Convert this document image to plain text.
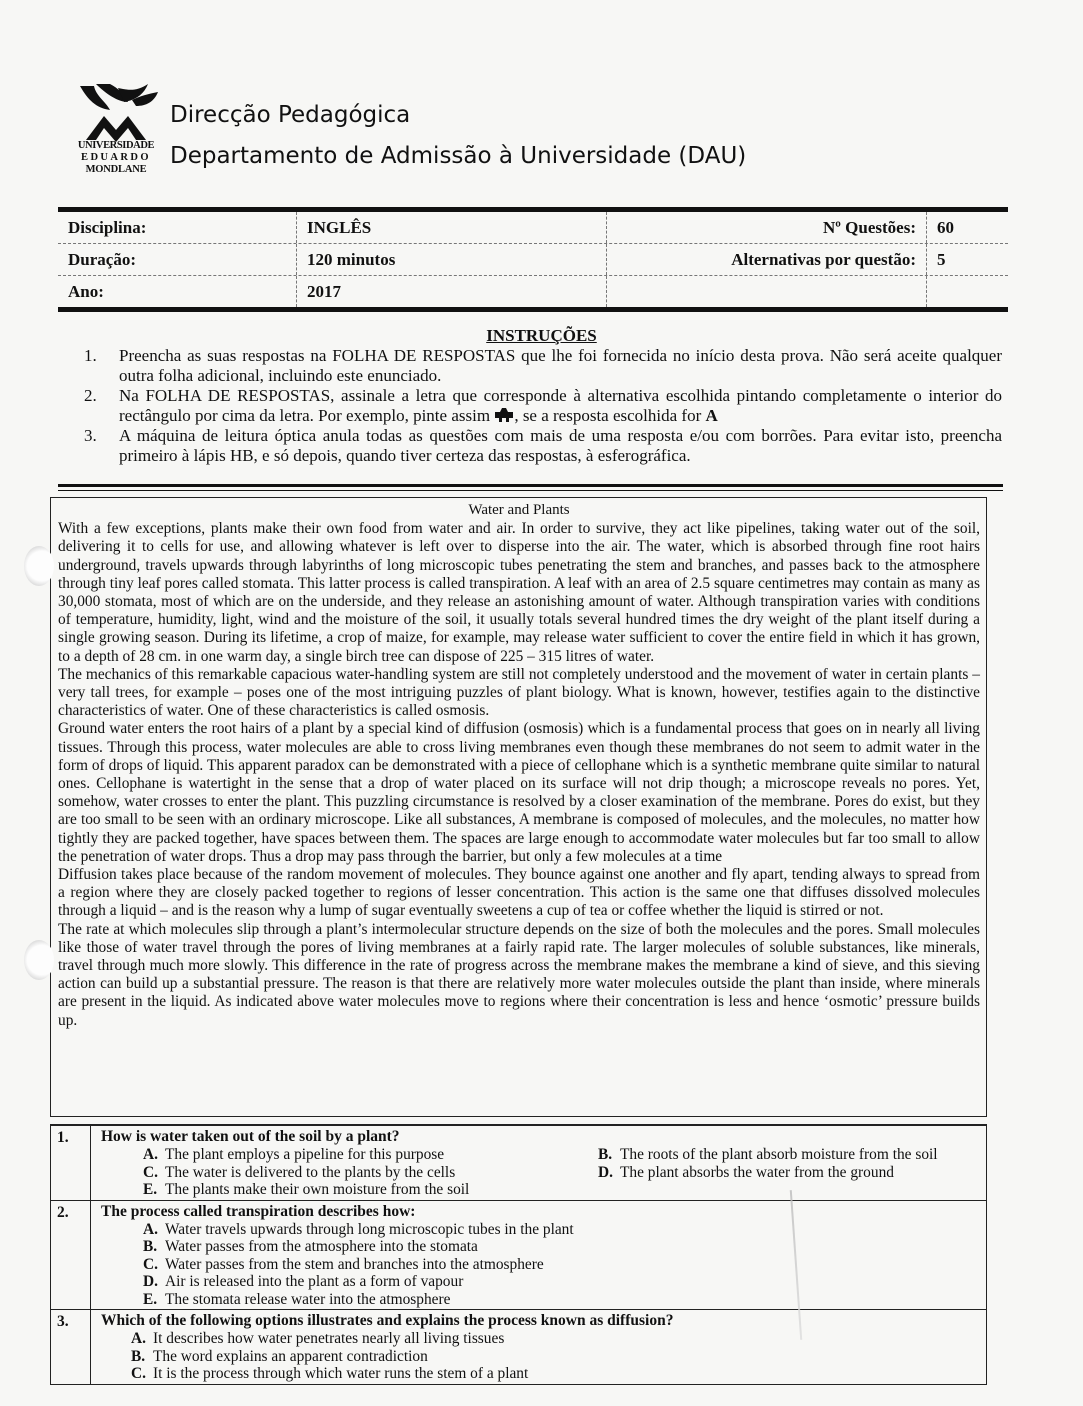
UNIVERSIDADE
EDUARDO
MONDLANE
Direcção Pedagógica
Departamento de Admissão à Universidade (DAU)
Disciplina:	INGLÊS	Nº Questões:	60
Duração:	120 minutos	Alternativas por questão:	5
Ano:	2017
INSTRUÇÕES
1.	Preencha as suas respostas na FOLHA DE RESPOSTAS que lhe foi fornecida no início desta prova. Não será aceite qualquer outra folha adicional, incluindo este enunciado.
2.	Na FOLHA DE RESPOSTAS, assinale a letra que corresponde à alternativa escolhida pintando completamente o interior do rectângulo por cima da letra. Por exemplo, pinte assim , se a resposta escolhida for A
3.	A máquina de leitura óptica anula todas as questões com mais de uma resposta e/ou com borrões. Para evitar isto, preencha primeiro à lápis HB, e só depois, quando tiver certeza das respostas, à esferográfica.
Water and Plants

With a few exceptions, plants make their own food from water and air. In order to survive, they act like pipelines, taking water out of the soil, delivering it to cells for use, and allowing whatever is left over to disperse into the air. The water, which is absorbed through fine root hairs underground, travels upwards through labyrinths of long microscopic tubes penetrating the stem and branches, and passes back to the atmosphere through tiny leaf pores called stomata. This latter process is called transpiration. A leaf with an area of 2.5 square centimetres may contain as many as 30,000 stomata, most of which are on the underside, and they release an astonishing amount of water. Although transpiration varies with conditions of temperature, humidity, light, wind and the moisture of the soil, it usually totals several hundred times the dry weight of the plant itself during a single growing season. During its lifetime, a crop of maize, for example, may release water sufficient to cover the entire field in which it has grown, to a depth of 28 cm. in one warm day, a single birch tree can dispose of 225 – 315 litres of water.

The mechanics of this remarkable capacious water-handling system are still not completely understood and the movement of water in certain plants – very tall trees, for example – poses one of the most intriguing puzzles of plant biology. What is known, however, testifies again to the distinctive characteristics of water. One of these characteristics is called osmosis.

Ground water enters the root hairs of a plant by a special kind of diffusion (osmosis) which is a fundamental process that goes on in nearly all living tissues. Through this process, water molecules are able to cross living membranes even though these membranes do not seem to admit water in the form of drops of liquid. This apparent paradox can be demonstrated with a piece of cellophane which is a synthetic membrane quite similar to natural ones. Cellophane is watertight in the sense that a drop of water placed on its surface will not drip though; a microscope reveals no pores. Yet, somehow, water crosses to enter the plant. This puzzling circumstance is resolved by a closer examination of the membrane. Pores do exist, but they are too small to be seen with an ordinary microscope. Like all substances, A membrane is composed of molecules, and the molecules, no matter how tightly they are packed together, have spaces between them. The spaces are large enough to accommodate water molecules but far too small to allow the penetration of water drops. Thus a drop may pass through the barrier, but only a few molecules at a time

Diffusion takes place because of the random movement of molecules. They bounce against one another and fly apart, tending always to spread from a region where they are closely packed together to regions of lesser concentration. This action is the same one that diffuses dissolved molecules through a liquid – and is the reason why a lump of sugar eventually sweetens a cup of tea or coffee whether the liquid is stirred or not.

The rate at which molecules slip through a plant’s intermolecular structure depends on the size of both the molecules and the pores. Small molecules like those of water travel through the pores of living membranes at a fairly rapid rate. The larger molecules of soluble substances, like minerals, travel through much more slowly. This difference in the rate of progress across the membrane makes the membrane a kind of sieve, and this sieving action can build up a substantial pressure. The reason is that there are relatively more water molecules outside the plant than inside, where minerals are present in the liquid. As indicated above water molecules move to regions where their concentration is less and hence ‘osmotic’ pressure builds up.

1.	How is water taken out of the soil by a plant?
A. The plant employs a pipeline for this purpose	B. The roots of the plant absorb moisture from the soil
C. The water is delivered to the plants by the cells	D. The plant absorbs the water from the ground
E. The plants make their own moisture from the soil
2.	The process called transpiration describes how:
A. Water travels upwards through long microscopic tubes in the plant
B. Water passes from the atmosphere into the stomata
C. Water passes from the stem and branches into the atmosphere
D. Air is released into the plant as a form of vapour
E. The stomata release water into the atmosphere
3.	Which of the following options illustrates and explains the process known as diffusion?
A. It describes how water penetrates nearly all living tissues
B. The word explains an apparent contradiction
C. It is the process through which water runs the stem of a plant
